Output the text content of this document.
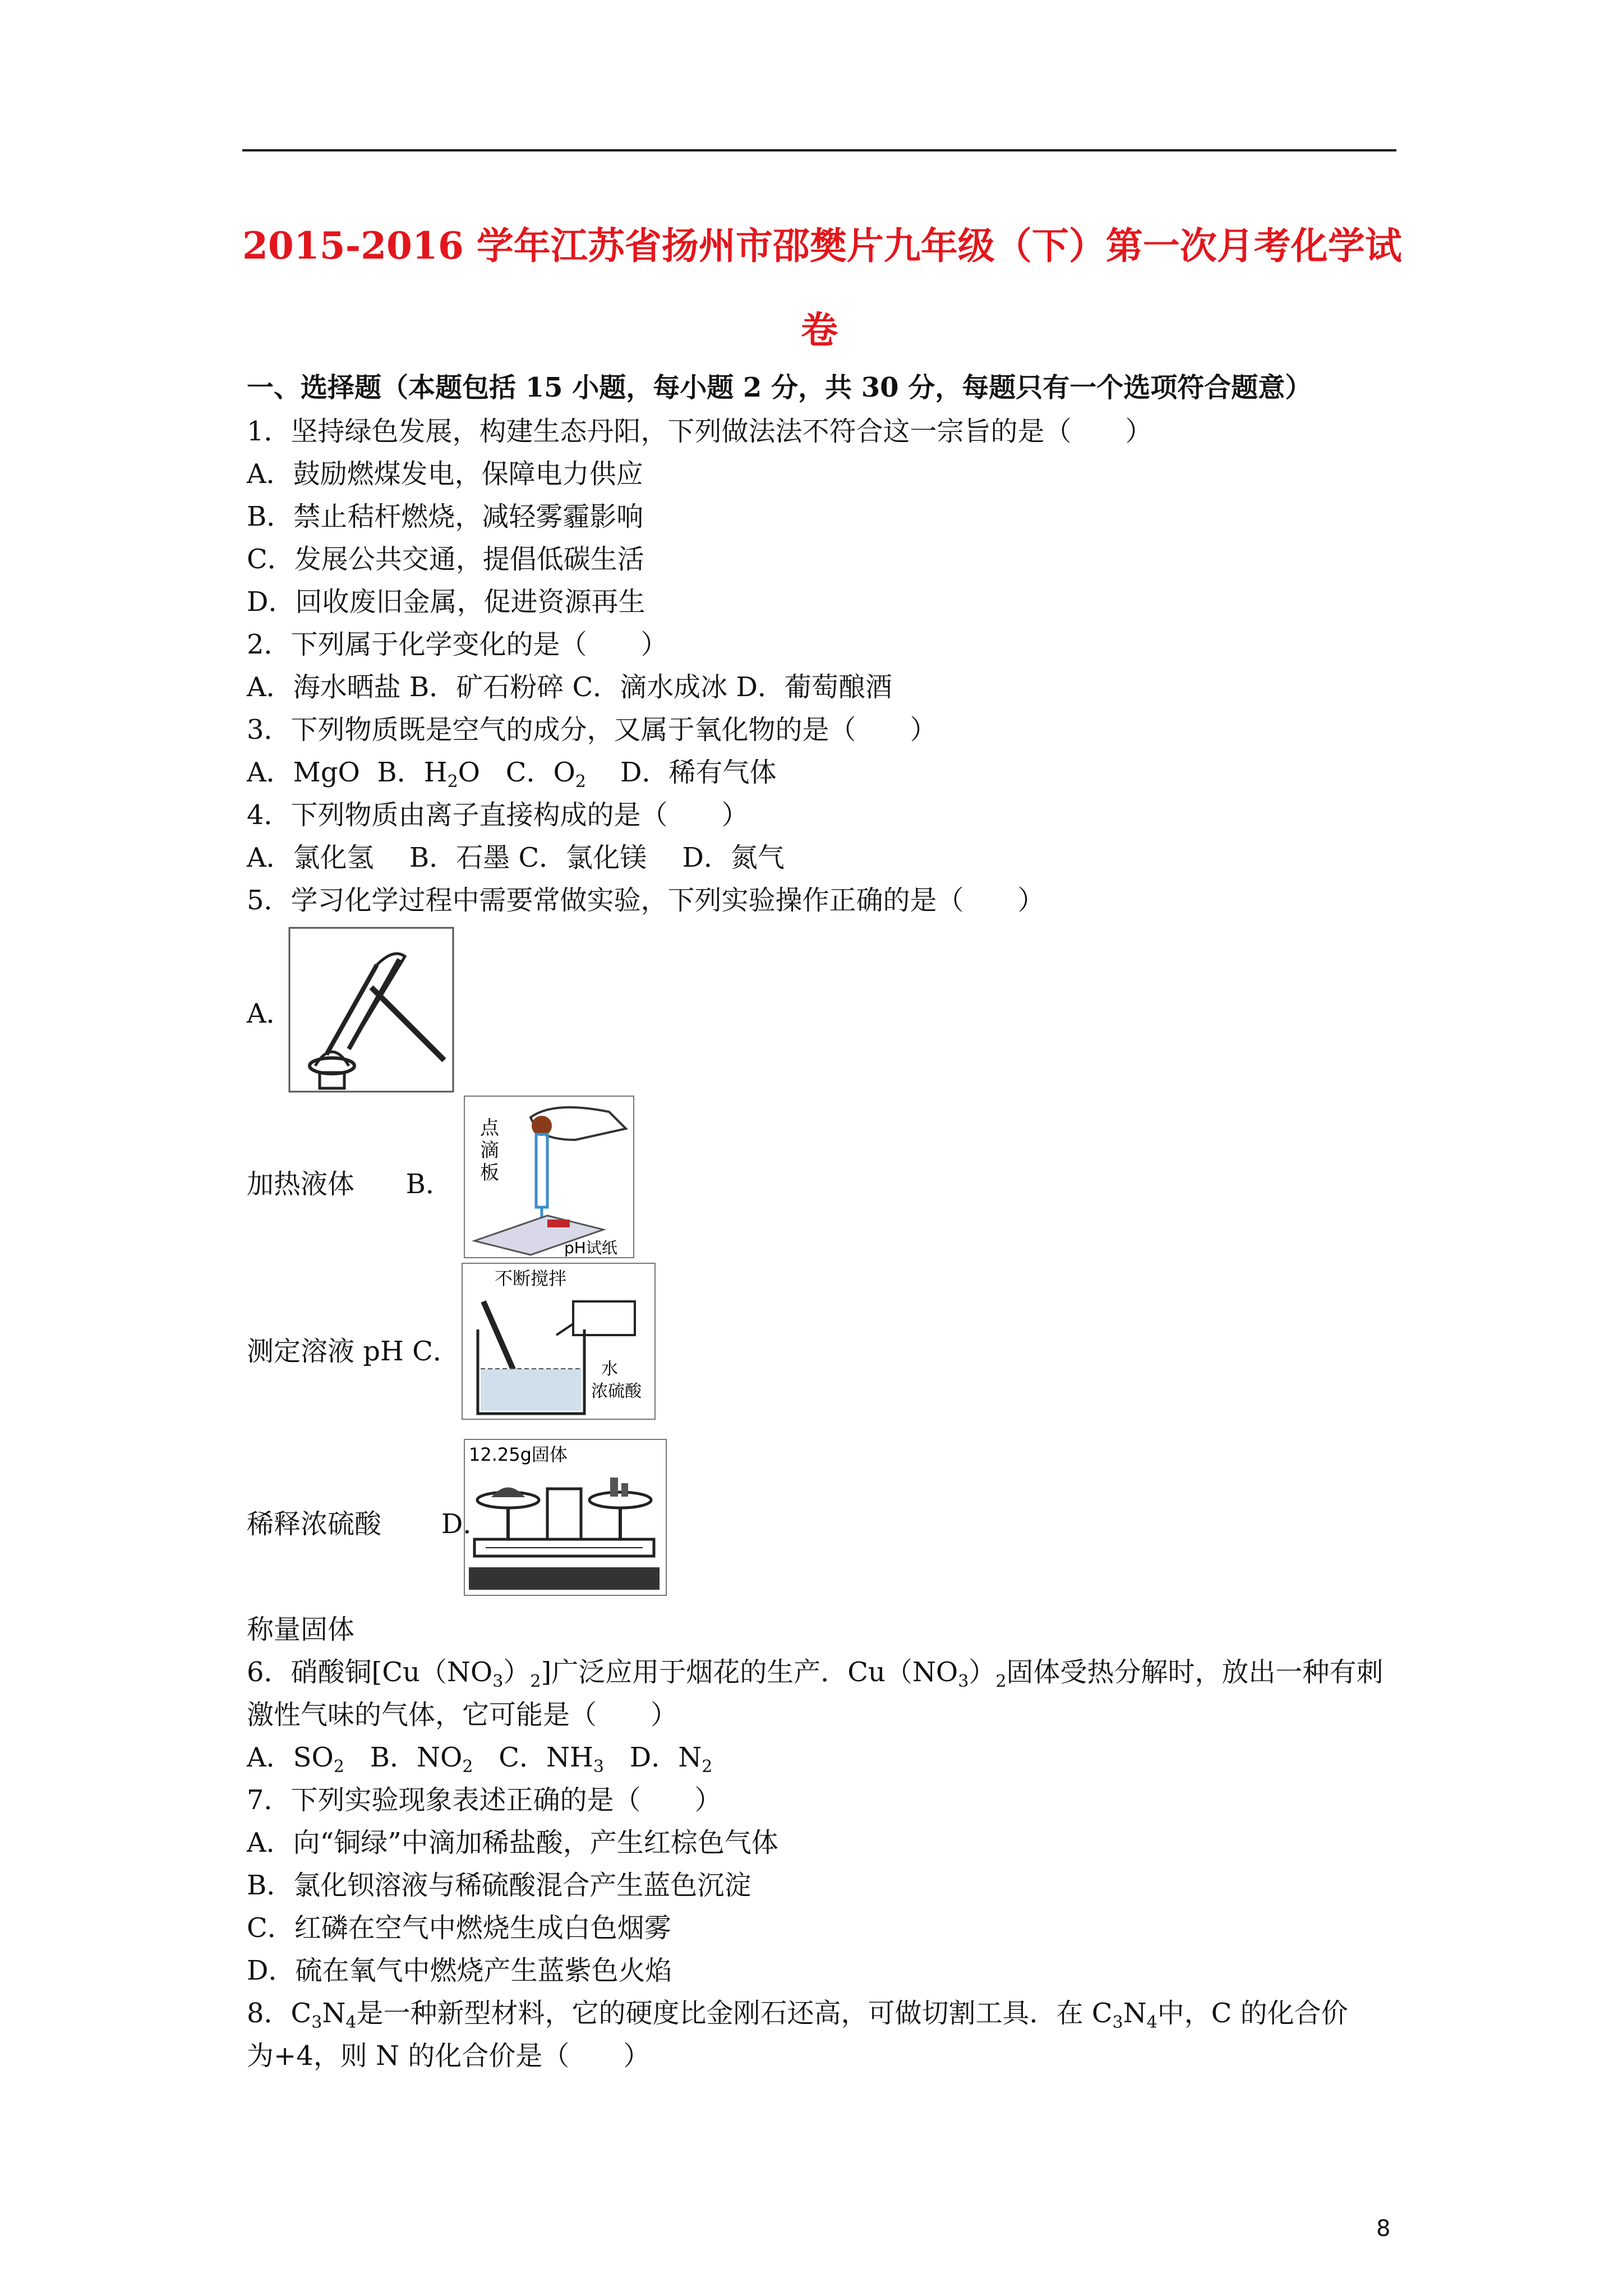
2015-2016 学年江苏省扬州市邵樊片九年级（下）第一次月考化学试
卷
一、选择题（本题包括 15 小题，每小题 2 分，共 30 分，每题只有一个选项符合题意）
1．坚持绿色发展，构建生态丹阳，下列做法法不符合这一宗旨的是（　　）
A．鼓励燃煤发电，保障电力供应
B．禁止秸杆燃烧，减轻雾霾影响
C．发展公共交通，提倡低碳生活
D．回收废旧金属，促进资源再生
2．下列属于化学变化的是（　　）
A．海水晒盐 B．矿石粉碎 C．滴水成冰 D．葡萄酿酒
3．下列物质既是空气的成分，又属于氧化物的是（　　）
A．MgO B．$H_2O$ C．$O_2$ D．稀有气体
4．下列物质由离子直接构成的是（　　）
A．氯化氢　 B．石墨 C．氯化镁　 D．氮气
5．学习化学过程中需要常做实验，下列实验操作正确的是（　　）
A．
加热液体 B．
点
滴
板
pH试纸
测定溶液 pH C．
不断搅拌
水
浓硫酸
稀释浓硫酸 D．
12.25g固体
称量固体
6．硝酸铜$[Cu(NO_3)_2]$广泛应用于烟花的生产．$Cu(NO_3)_2$固体受热分解时，放出一种有刺
激性气味的气体，它可能是（　　）
A．$SO_2$ B．$NO_2$ C．$NH_3$ D．$N_2$
7．下列实验现象表述正确的是（　　）
A．向“铜绿”中滴加稀盐酸，产生红棕色气体
B．氯化钡溶液与稀硫酸混合产生蓝色沉淀
C．红磷在空气中燃烧生成白色烟雾
D．硫在氧气中燃烧产生蓝紫色火焰
8．$C_3N_4$是一种新型材料，它的硬度比金刚石还高，可做切割工具．在 $C_3N_4$中，C 的化合价
为+4，则 N 的化合价是（　　）
8
